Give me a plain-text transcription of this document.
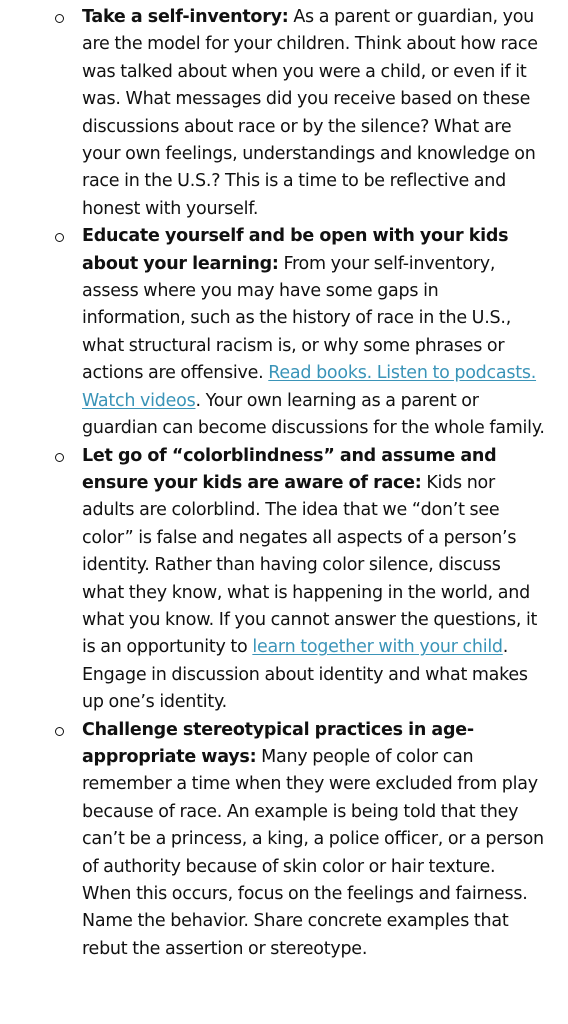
Take a self-inventory: As a parent or guardian, you are the model for your children. Think about how race was talked about when you were a child, or even if it was. What messages did you receive based on these discussions about race or by the silence? What are your own feelings, understandings and knowledge on race in the U.S.? This is a time to be reflective and honest with yourself.
Educate yourself and be open with your kids about your learning: From your self-inventory, assess where you may have some gaps in information, such as the history of race in the U.S., what structural racism is, or why some phrases or actions are offensive. Read books. Listen to podcasts. Watch videos. Your own learning as a parent or guardian can become discussions for the whole family.
Let go of “colorblindness” and assume and ensure your kids are aware of race: Kids nor adults are colorblind. The idea that we “don’t see color” is false and negates all aspects of a person’s identity. Rather than having color silence, discuss what they know, what is happening in the world, and what you know. If you cannot answer the questions, it is an opportunity to learn together with your child. Engage in discussion about identity and what makes up one’s identity.
Challenge stereotypical practices in age-appropriate ways: Many people of color can remember a time when they were excluded from play because of race. An example is being told that they can’t be a princess, a king, a police officer, or a person of authority because of skin color or hair texture. When this occurs, focus on the feelings and fairness. Name the behavior. Share concrete examples that rebut the assertion or stereotype.
